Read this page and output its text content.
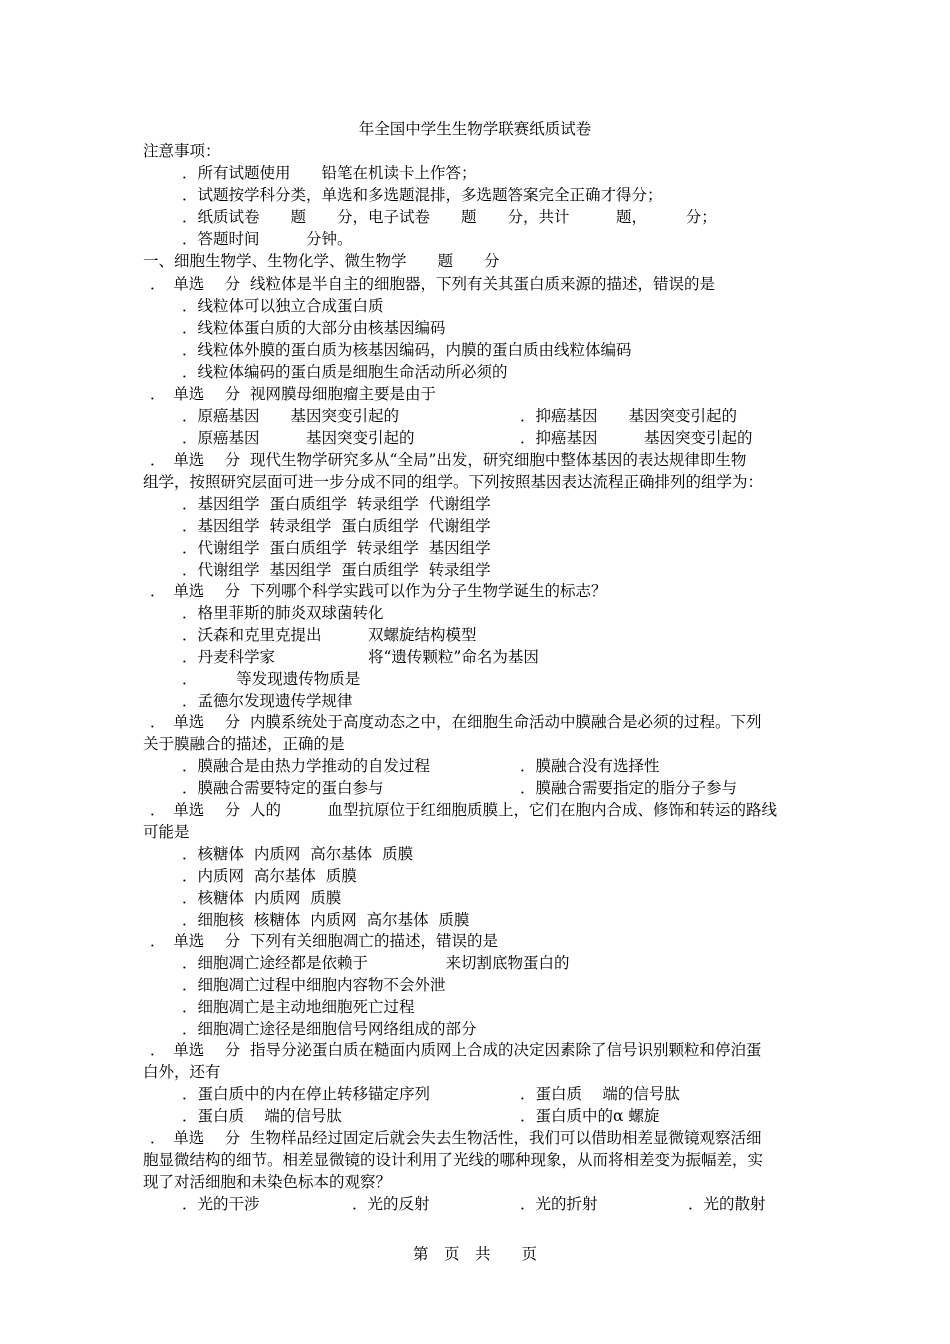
年全国中学生生物学联赛纸质试卷
注意事项：
．所有试题使用　　铅笔在机读卡上作答；
．试题按学科分类，单选和多选题混排，多选题答案完全正确才得分；
．纸质试卷　　题　　分，电子试卷　　题　　分，共计　　　题，　　　分；
．答题时间　　　分钟。
一、细胞生物学、生物化学、微生物学　　题　　分
．　单选　 分  线粒体是半自主的细胞器，下列有关其蛋白质来源的描述，错误的是
．线粒体可以独立合成蛋白质
．线粒体蛋白质的大部分由核基因编码
．线粒体外膜的蛋白质为核基因编码，内膜的蛋白质由线粒体编码
．线粒体编码的蛋白质是细胞生命活动所必须的
．　单选　 分  视网膜母细胞瘤主要是由于
．原癌基因　　基因突变引起的	．抑癌基因　　基因突变引起的
．原癌基因　　　基因突变引起的	．抑癌基因　　　基因突变引起的
．　单选　 分  现代生物学研究多从“全局”出发，研究细胞中整体基因的表达规律即生物
组学，按照研究层面可进一步分成不同的组学。下列按照基因表达流程正确排列的组学为：
．基因组学  蛋白质组学  转录组学  代谢组学
．基因组学  转录组学  蛋白质组学  代谢组学
．代谢组学  蛋白质组学  转录组学  基因组学
．代谢组学  基因组学  蛋白质组学  转录组学
．　单选　 分  下列哪个科学实践可以作为分子生物学诞生的标志？
．格里菲斯的肺炎双球菌转化
．沃森和克里克提出　　　双螺旋结构模型
．丹麦科学家　　　　　　将“遗传颗粒”命名为基因
．　　　等发现遗传物质是
．孟德尔发现遗传学规律
．　单选　 分  内膜系统处于高度动态之中，在细胞生命活动中膜融合是必须的过程。下列
关于膜融合的描述，正确的是
．膜融合是由热力学推动的自发过程	．膜融合没有选择性
．膜融合需要特定的蛋白参与	．膜融合需要指定的脂分子参与
．　单选　 分  人的　　　血型抗原位于红细胞质膜上，它们在胞内合成、修饰和转运的路线
可能是
．核糖体  内质网  高尔基体  质膜
．内质网  高尔基体  质膜
．核糖体  内质网  质膜
．细胞核  核糖体  内质网  高尔基体  质膜
．　单选　 分  下列有关细胞凋亡的描述，错误的是
．细胞凋亡途经都是依赖于　　　　　来切割底物蛋白的
．细胞凋亡过程中细胞内容物不会外泄
．细胞凋亡是主动地细胞死亡过程
．细胞凋亡途径是细胞信号网络组成的部分
．　单选　 分  指导分泌蛋白质在糙面内质网上合成的决定因素除了信号识别颗粒和停泊蛋
白外，还有
．蛋白质中的内在停止转移锚定序列	．蛋白质　 端的信号肽
．蛋白质　 端的信号肽	．蛋白质中的α 螺旋
．　单选　 分  生物样品经过固定后就会失去生物活性，我们可以借助相差显微镜观察活细
胞显微结构的细节。相差显微镜的设计利用了光线的哪种现象，从而将相差变为振幅差，实
现了对活细胞和未染色标本的观察？
．光的干涉	．光的反射	．光的折射	．光的散射
第　页　共　　页
